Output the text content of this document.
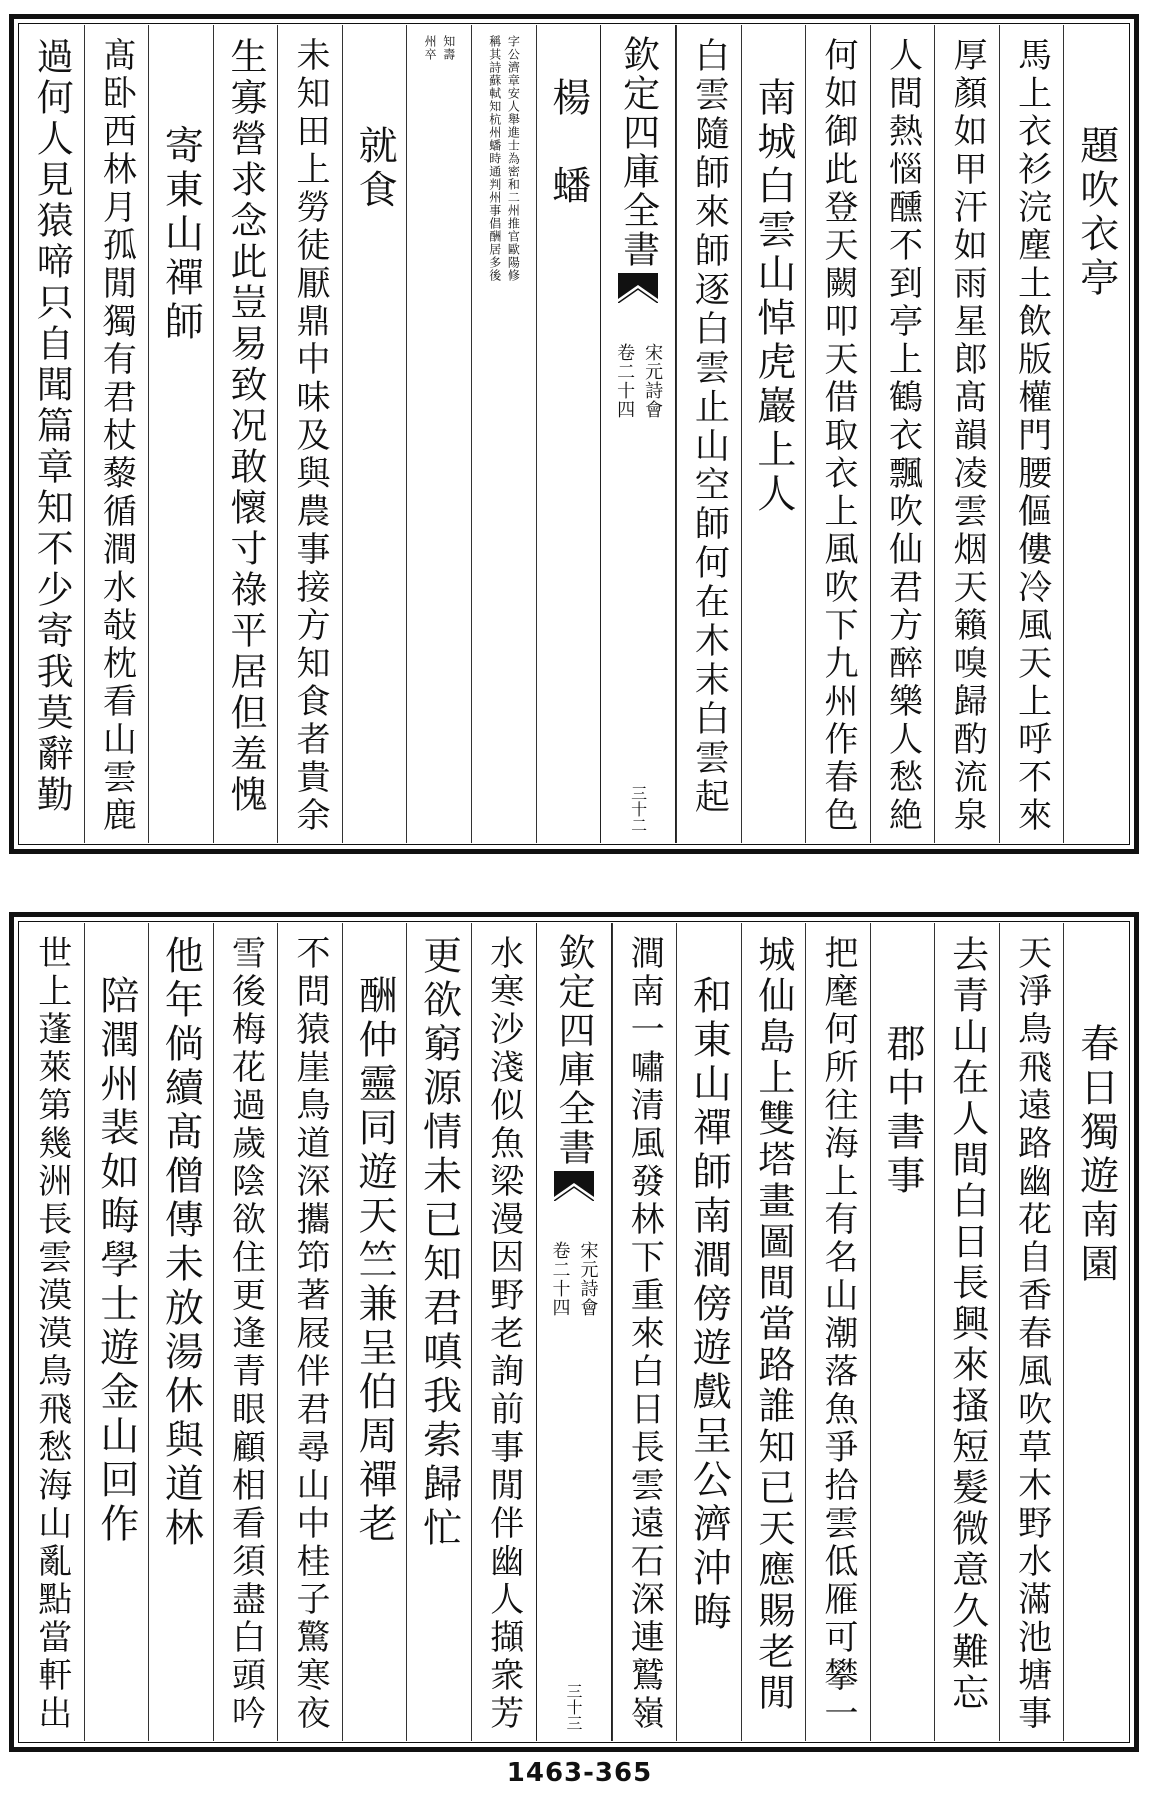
題吹衣亭
馬上衣衫浣塵土飲版權門腰傴僂冷風天上呼不來
厚顏如甲汗如雨星郎髙韻凌雲烟天籟嗅歸酌流泉
人間熱惱醺不到亭上鶴衣飄吹仙君方醉樂人愁絶
何如御此登天闕叩天借取衣上風吹下九州作春色
南城白雲山悼虎巖上人
白雲隨師來師逐白雲止山空師何在木末白雲起
欽定四庫全書
宋元詩會
卷二十四
三十二
楊　蟠
字公濟章安人舉進士為密和二州推官歐陽修
稱其詩蘇軾知杭州蟠時通判州事倡酬居多後
知壽
州卒
就食
未知田上勞徒厭鼎中味及與農事接方知食者貴余
生寡營求念此豈易致况敢懷寸祿平居但羞愧
寄東山禪師
髙卧西林月孤閒獨有君杖藜循澗水敧枕看山雲鹿
過何人見猿啼只自聞篇章知不少寄我莫辭勤
春日獨遊南園
天淨鳥飛遠路幽花自香春風吹草木野水滿池塘事
去青山在人間白日長興來搔短髮微意久難忘
郡中書事
把麾何所往海上有名山潮落魚爭拾雲低雁可攀一
城仙島上雙塔畫圖間當路誰知已天應賜老閒
和東山禪師南澗傍遊戲呈公濟沖晦
澗南一嘯清風發林下重來白日長雲遠石深連鷲嶺
欽定四庫全書
宋元詩會
卷二十四
三十三
水寒沙淺似魚梁漫因野老詢前事閒伴幽人擷衆芳
更欲窮源情未已知君嗔我索歸忙
酬仲靈同遊天竺兼呈伯周禪老
不問猿崖鳥道深攜笻著屐伴君尋山中桂子驚寒夜
雪後梅花過歲陰欲住更逢青眼顧相看須盡白頭吟
他年倘續髙僧傳未放湯休與道林
陪潤州裴如晦學士遊金山回作
世上蓬萊第幾洲長雲漠漠鳥飛愁海山亂點當軒出
1463-365
